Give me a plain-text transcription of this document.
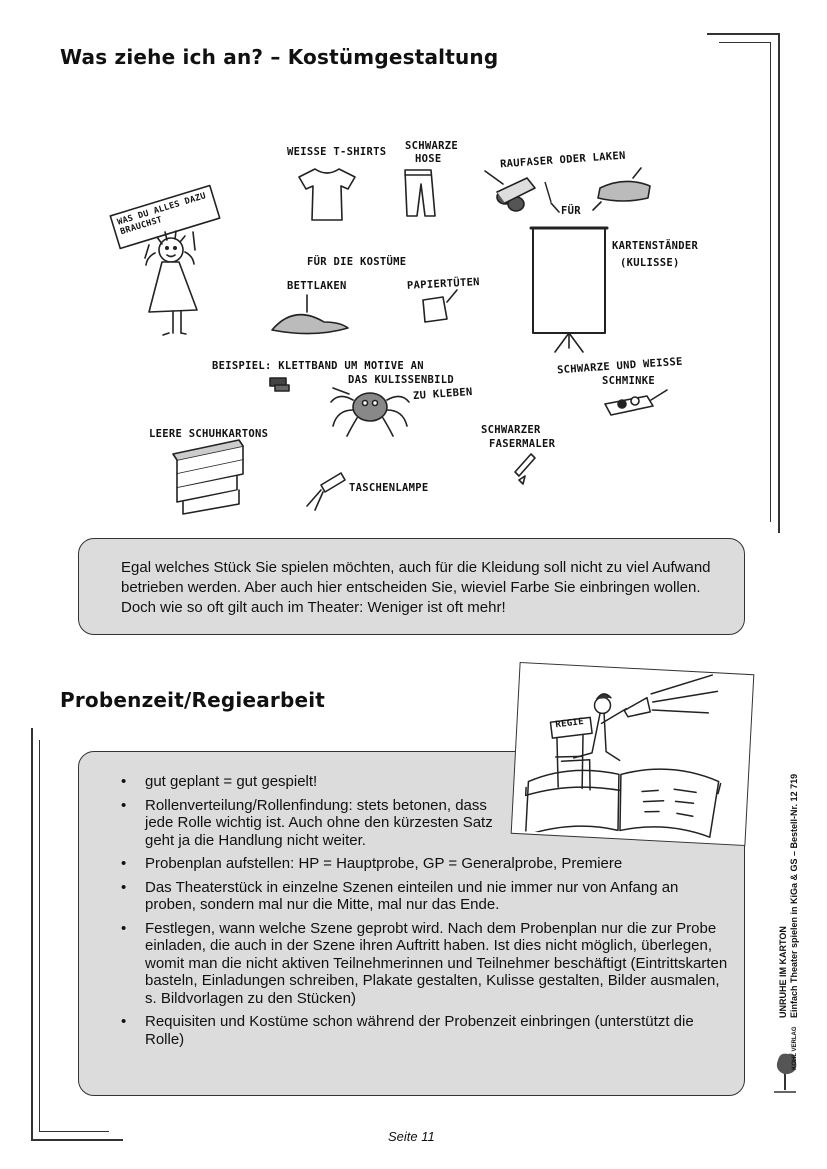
Was ziehe ich an? – Kostümgestaltung
WAS DU ALLES DAZU BRAUCHST
WEISSE T-SHIRTS SCHWARZE
HOSE	RAUFASER ODER LAKEN
FÜR
FÜR DIE KOSTÜME
BETTLAKEN	PAPIERTÜTEN
KARTENSTÄNDER
(KULISSE)
BEISPIEL: KLETTBAND UM MOTIVE AN
DAS KULISSENBILD
ZU KLEBEN
SCHWARZE UND WEISSE
SCHMINKE
LEERE SCHUHKARTONS	SCHWARZER
FASERMALER
TASCHENLAMPE
Egal welches Stück Sie spielen möchten, auch für die Kleidung soll nicht zu viel Aufwand betrieben werden. Aber auch hier entscheiden Sie, wieviel Farbe Sie einbringen wollen. Doch wie so oft gilt auch im Theater: Weniger ist oft mehr!
Probenzeit/Regiearbeit
• gut geplant = gut gespielt!
• Rollenverteilung/Rollenfindung: stets betonen, dass jede Rolle wichtig ist. Auch ohne den kürzesten Satz geht ja die Handlung nicht weiter.
• Probenplan aufstellen: HP = Hauptprobe, GP = Generalprobe, Premiere
• Das Theaterstück in einzelne Szenen einteilen und nie immer nur von Anfang an proben, sondern mal nur die Mitte, mal nur das Ende.
• Festlegen, wann welche Szene geprobt wird. Nach dem Probenplan nur die zur Probe einladen, die auch in der Szene ihren Auftritt haben. Ist dies nicht möglich, überlegen, womit man die nicht aktiven Teilnehmerinnen und Teilnehmer beschäftigt (Eintrittskarten basteln, Einladungen schreiben, Plakate gestalten, Kulisse gestalten, Bilder ausmalen, s. Bildvorlagen zu den Stücken)
• Requisiten und Kostüme schon während der Probenzeit einbringen (unterstützt die Rolle)
REGIE
UNRUHE IM KARTON Einfach Theater spielen in KiGa & GS – Bestell-Nr. 12 719
KOHL VERLAG
Seite 11
